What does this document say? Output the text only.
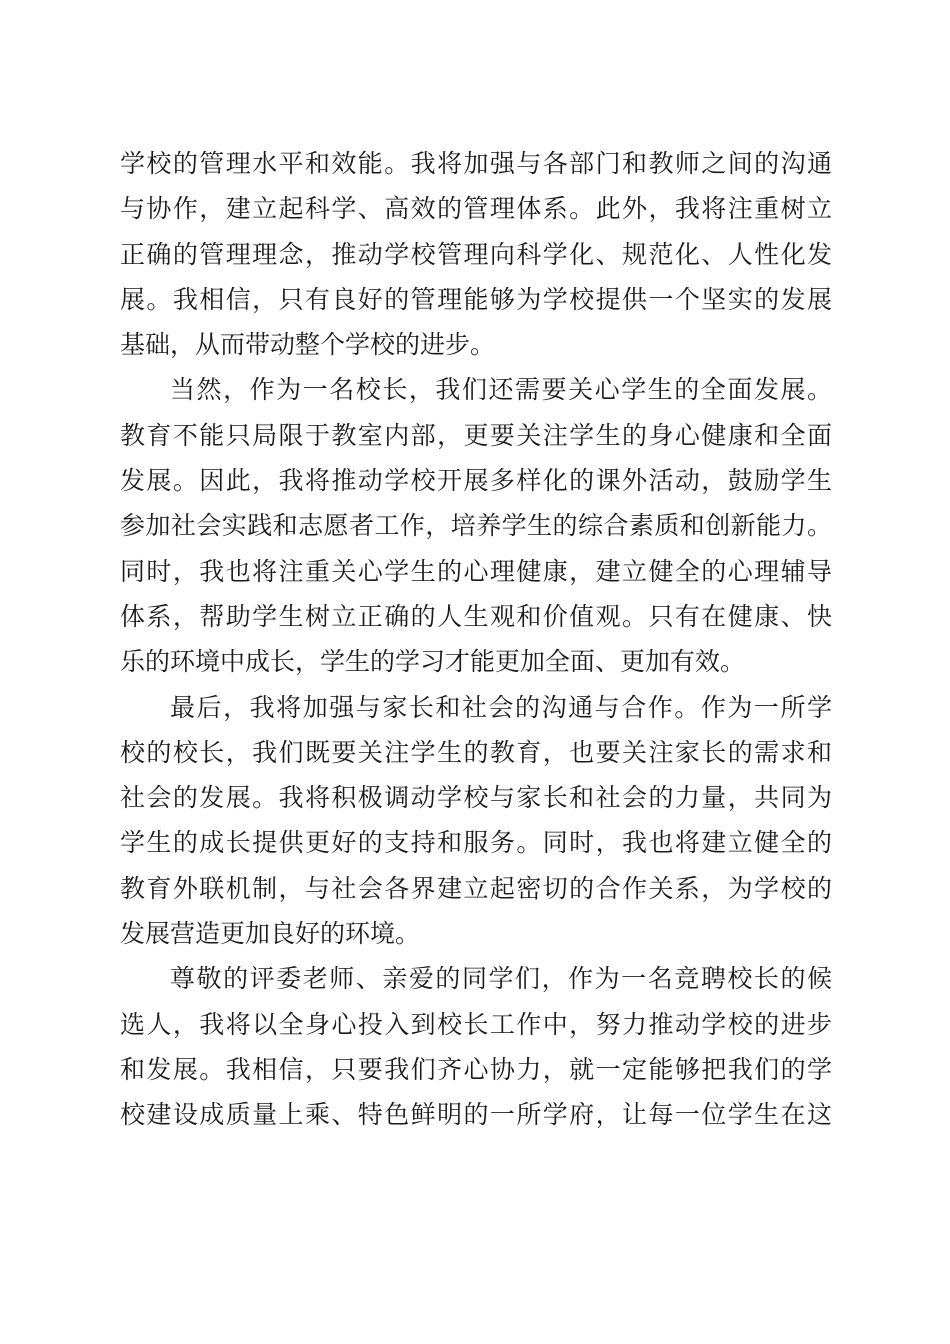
学校的管理水平和效能。我将加强与各部门和教师之间的沟通
与协作，建立起科学、高效的管理体系。此外，我将注重树立
正确的管理理念，推动学校管理向科学化、规范化、人性化发
展。我相信，只有良好的管理能够为学校提供一个坚实的发展
基础，从而带动整个学校的进步。
当然，作为一名校长，我们还需要关心学生的全面发展。
教育不能只局限于教室内部，更要关注学生的身心健康和全面
发展。因此，我将推动学校开展多样化的课外活动，鼓励学生
参加社会实践和志愿者工作，培养学生的综合素质和创新能力。
同时，我也将注重关心学生的心理健康，建立健全的心理辅导
体系，帮助学生树立正确的人生观和价值观。只有在健康、快
乐的环境中成长，学生的学习才能更加全面、更加有效。
最后，我将加强与家长和社会的沟通与合作。作为一所学
校的校长，我们既要关注学生的教育，也要关注家长的需求和
社会的发展。我将积极调动学校与家长和社会的力量，共同为
学生的成长提供更好的支持和服务。同时，我也将建立健全的
教育外联机制，与社会各界建立起密切的合作关系，为学校的
发展营造更加良好的环境。
尊敬的评委老师、亲爱的同学们，作为一名竞聘校长的候
选人，我将以全身心投入到校长工作中，努力推动学校的进步
和发展。我相信，只要我们齐心协力，就一定能够把我们的学
校建设成质量上乘、特色鲜明的一所学府，让每一位学生在这
